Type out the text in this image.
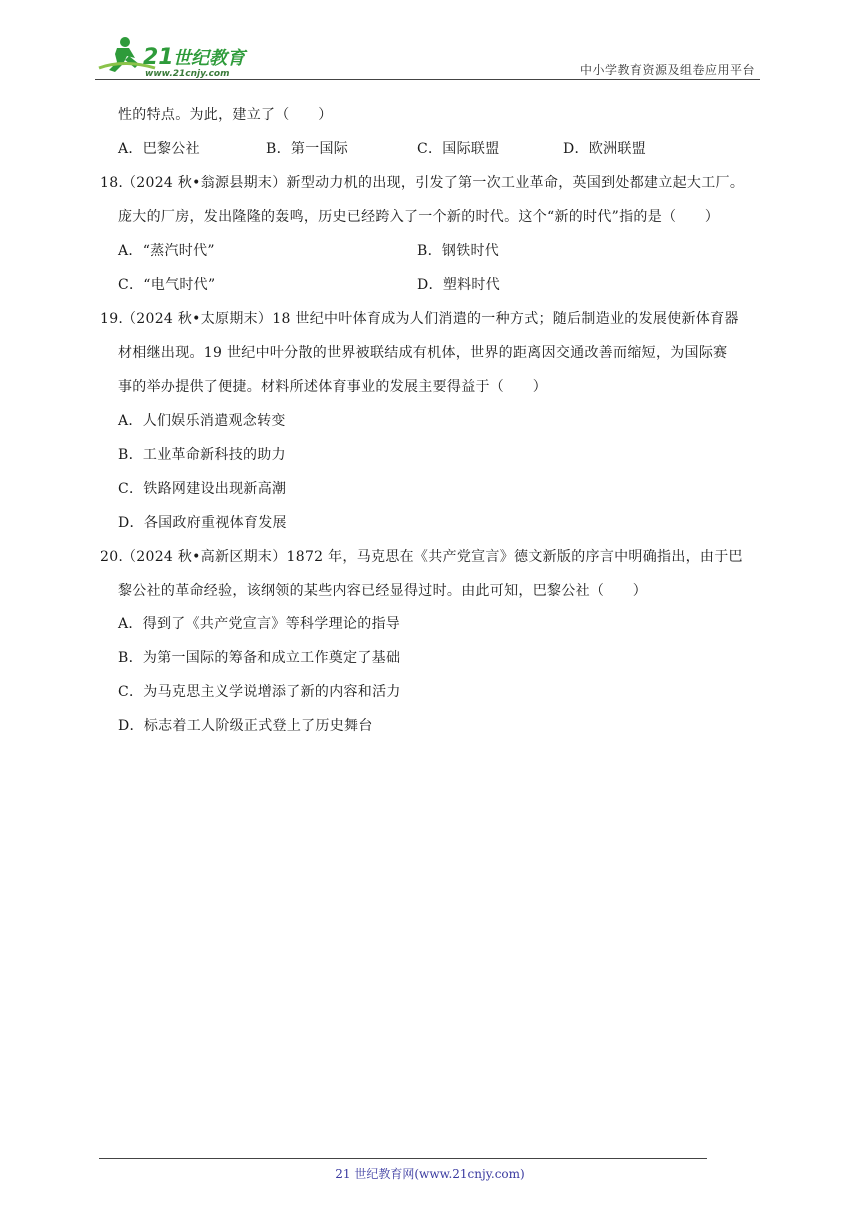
21 世纪教育
www.21cnjy.com	中小学教育资源及组卷应用平台
性的特点。为此，建立了（　　）
A．巴黎公社	B．第一国际	C．国际联盟	D．欧洲联盟
18.
（2024 秋•翁源县期末）新型动力机的出现，引发了第一次工业革命，英国到处都建立起大工厂。
庞大的厂房，发出隆隆的轰鸣，历史已经跨入了一个新的时代。这个“新的时代”指的是（　　）
A．“蒸汽时代”	B．钢铁时代
C．“电气时代”	D．塑料时代
19.
（2024 秋•太原期末）18 世纪中叶体育成为人们消遣的一种方式；随后制造业的发展使新体育器
材相继出现。19 世纪中叶分散的世界被联结成有机体，世界的距离因交通改善而缩短，为国际赛
事的举办提供了便捷。材料所述体育事业的发展主要得益于（　　）
A．人们娱乐消遣观念转变
B．工业革命新科技的助力
C．铁路网建设出现新高潮
D．各国政府重视体育发展
20.
（2024 秋•高新区期末）1872 年，马克思在《共产党宣言》德文新版的序言中明确指出，由于巴
黎公社的革命经验，该纲领的某些内容已经显得过时。由此可知，巴黎公社（　　）
A．得到了《共产党宣言》等科学理论的指导
B．为第一国际的筹备和成立工作奠定了基础
C．为马克思主义学说增添了新的内容和活力
D．标志着工人阶级正式登上了历史舞台
21 世纪教育网(www.21cnjy.com)
